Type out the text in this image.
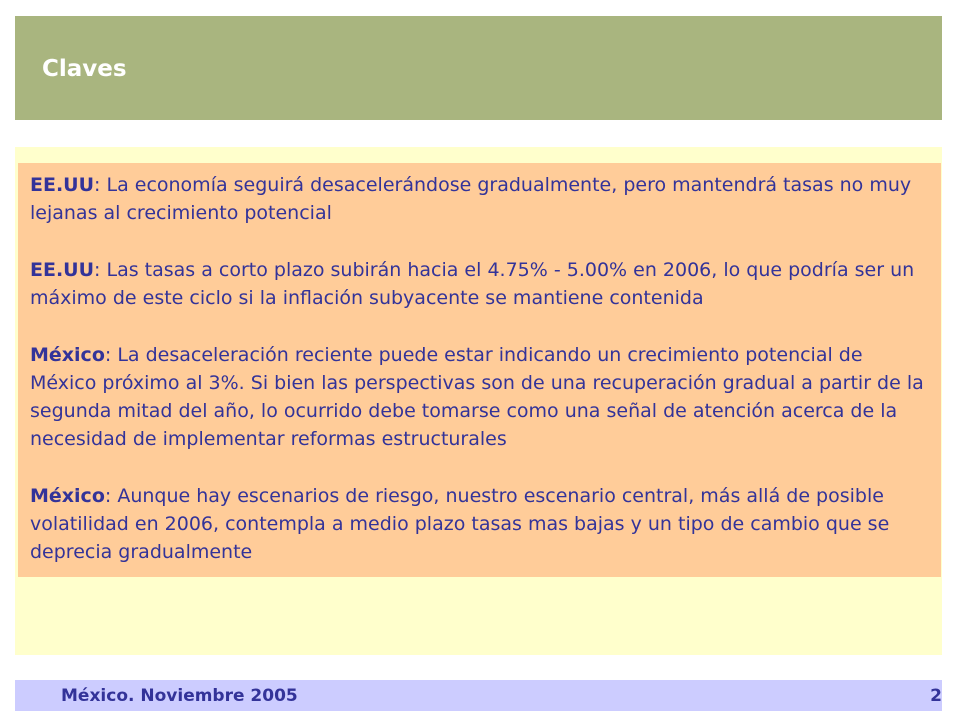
Claves

EE.UU: La economía seguirá desacelerándose gradualmente, pero mantendrá tasas no muy lejanas al crecimiento potencial

EE.UU: Las tasas a corto plazo subirán hacia el 4.75% - 5.00% en 2006, lo que podría ser un máximo de este ciclo si la inflación subyacente se mantiene contenida

México: La desaceleración reciente puede estar indicando un crecimiento potencial de México próximo al 3%. Si bien las perspectivas son de una recuperación gradual a partir de la segunda mitad del año, lo ocurrido debe tomarse como una señal de atención acerca de la necesidad de implementar reformas estructurales

México: Aunque hay escenarios de riesgo, nuestro escenario central, más allá de posible volatilidad en 2006, contempla a medio plazo tasas mas bajas y un tipo de cambio que se deprecia gradualmente

México. Noviembre 2005	2
